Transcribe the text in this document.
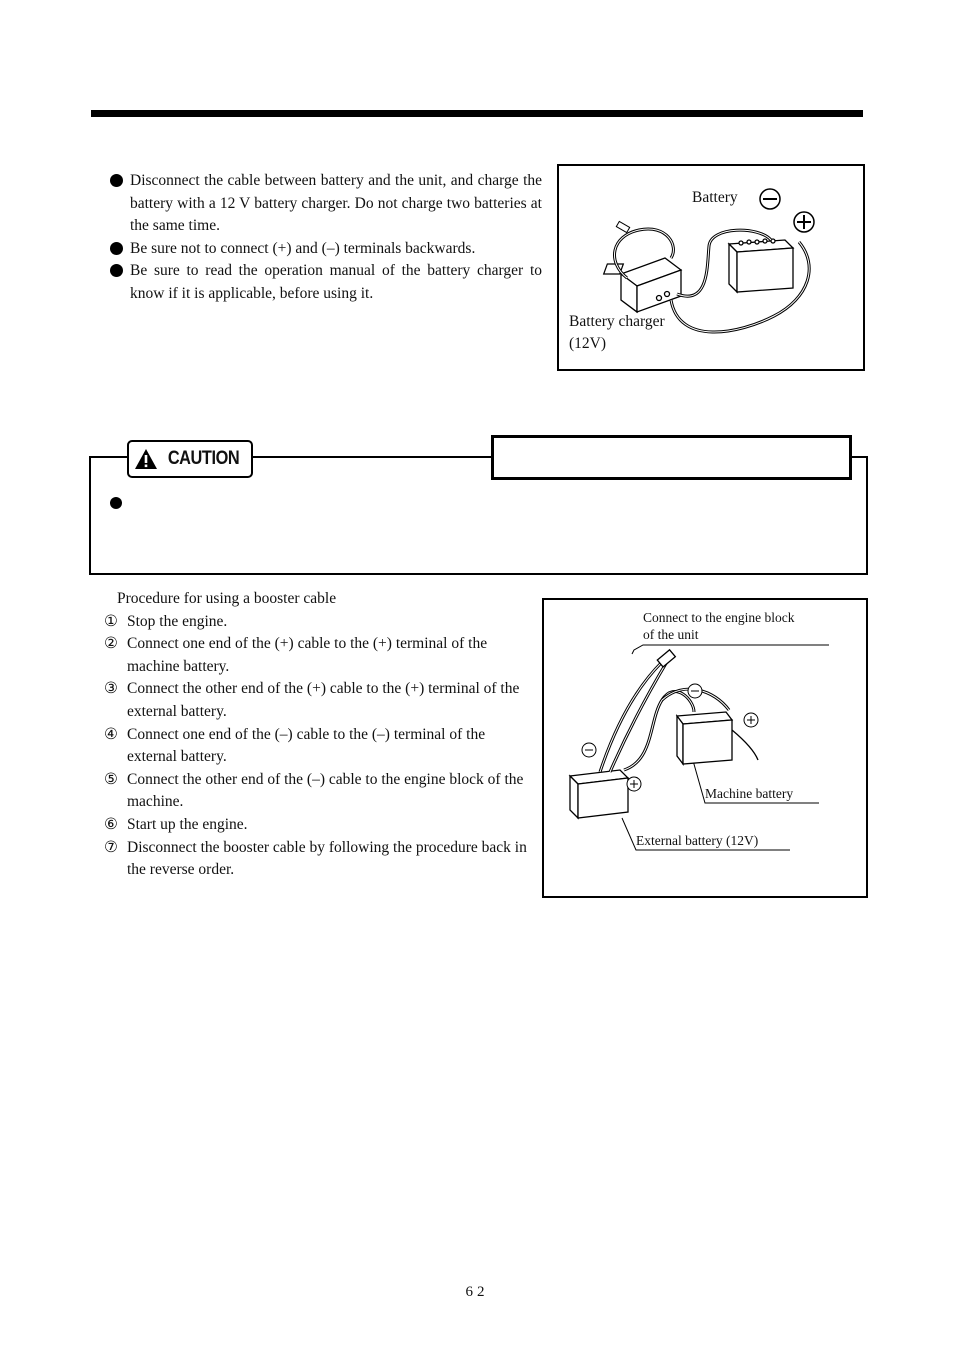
Disconnect the cable between battery and the unit, and charge the battery with a 12 V battery charger. Do not charge two batteries at the same time.
Be sure not to connect (+) and (–) terminals backwards.
Be sure to read the operation manual of the battery charger to know if it is applicable, before using it.
Battery
Battery charger
(12V)
CAUTION
Procedure for using a booster cable
① Stop the engine.
② Connect one end of the (+) cable to the (+) terminal of the machine battery.
③ Connect the other end of the (+) cable to the (+) terminal of the external battery.
④ Connect one end of the (–) cable to the (–) terminal of the external battery.
⑤ Connect the other end of the (–) cable to the engine block of the machine.
⑥ Start up the engine.
⑦ Disconnect the booster cable by following the procedure back in the reverse order.
Connect to the engine block
of the unit
Machine battery
External battery (12V)
62
